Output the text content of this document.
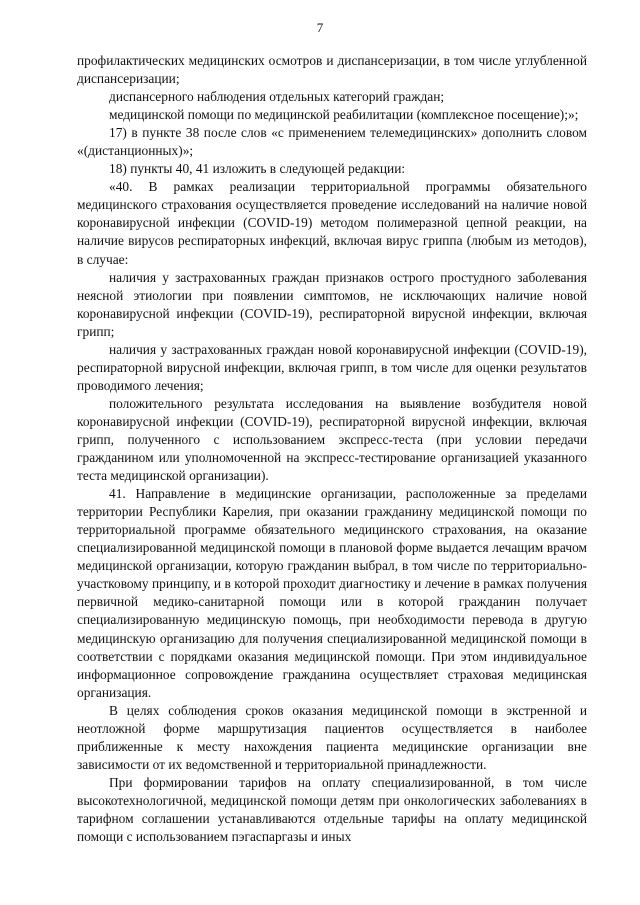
7

профилактических медицинских осмотров и диспансеризации, в том числе углубленной диспансеризации;

диспансерного наблюдения отдельных категорий граждан;

медицинской помощи по медицинской реабилитации (комплексное посещение);»;

17) в пункте 38 после слов «с применением телемедицинских» дополнить словом «(дистанционных)»;

18) пункты 40, 41 изложить в следующей редакции:

«40. В рамках реализации территориальной программы обязательного медицинского страхования осуществляется проведение исследований на наличие новой коронавирусной инфекции (COVID-19) методом полимеразной цепной реакции, на наличие вирусов респираторных инфекций, включая вирус гриппа (любым из методов), в случае:

наличия у застрахованных граждан признаков острого простудного заболевания неясной этиологии при появлении симптомов, не исключающих наличие новой коронавирусной инфекции (COVID-19), респираторной вирусной инфекции, включая грипп;

наличия у застрахованных граждан новой коронавирусной инфекции (COVID-19), респираторной вирусной инфекции, включая грипп, в том числе для оценки результатов проводимого лечения;

положительного результата исследования на выявление возбудителя новой коронавирусной инфекции (COVID-19), респираторной вирусной инфекции, включая грипп, полученного с использованием экспресс-теста (при условии передачи гражданином или уполномоченной на экспресс-тестирование организацией указанного теста медицинской организации).

41. Направление в медицинские организации, расположенные за пределами территории Республики Карелия, при оказании гражданину медицинской помощи по территориальной программе обязательного медицинского страхования, на оказание специализированной медицинской помощи в плановой форме выдается лечащим врачом медицинской организации, которую гражданин выбрал, в том числе по территориально-участковому принципу, и в которой проходит диагностику и лечение в рамках получения первичной медико-санитарной помощи или в которой гражданин получает специализированную медицинскую помощь, при необходимости перевода в другую медицинскую организацию для получения специализированной медицинской помощи в соответствии с порядками оказания медицинской помощи. При этом индивидуальное информационное сопровождение гражданина осуществляет страховая медицинская организация.

В целях соблюдения сроков оказания медицинской помощи в экстренной и неотложной форме маршрутизация пациентов осуществляется в наиболее приближенные к месту нахождения пациента медицинские организации вне зависимости от их ведомственной и территориальной принадлежности.

При формировании тарифов на оплату специализированной, в том числе высокотехнологичной, медицинской помощи детям при онкологических заболеваниях в тарифном соглашении устанавливаются отдельные тарифы на оплату медицинской помощи с использованием пэгаспаргазы и иных
